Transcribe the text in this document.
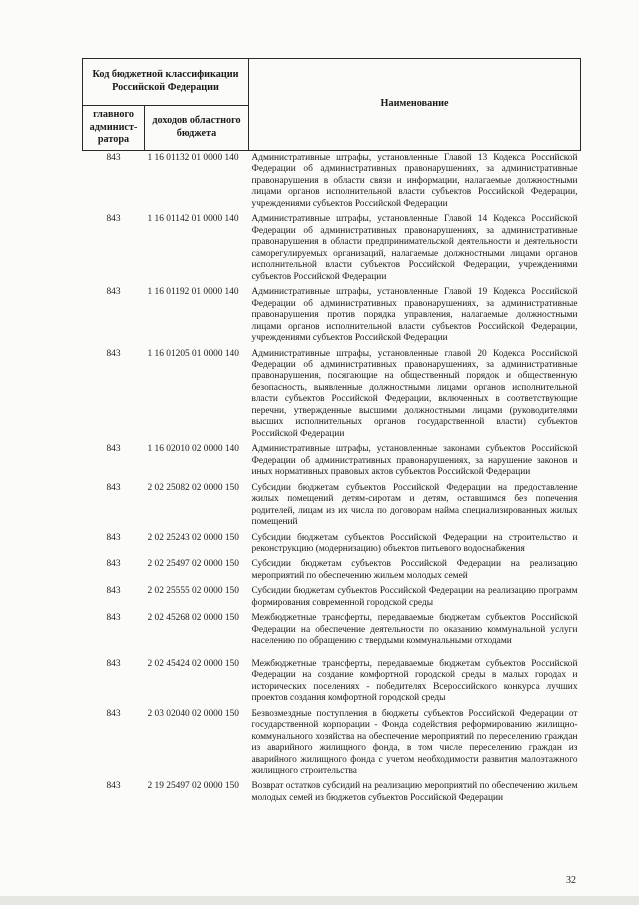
Код бюджетной классификации Российской Федерации		Наименование
главного админист-ратора	доходов областного бюджета	
843	1 16 01132 01 0000 140	Административные штрафы, установленные Главой 13 Кодекса Российской Федерации об административных правонарушениях, за административные правонарушения в области связи и информации, налагаемые должностными лицами органов исполнительной власти субъектов Российской Федерации, учреждениями субъектов Российской Федерации
843	1 16 01142 01 0000 140	Административные штрафы, установленные Главой 14 Кодекса Российской Федерации об административных правонарушениях, за административные правонарушения в области предпринимательской деятельности и деятельности саморегулируемых организаций, налагаемые должностными лицами органов исполнительной власти субъектов Российской Федерации, учреждениями субъектов Российской Федерации
843	1 16 01192 01 0000 140	Административные штрафы, установленные Главой 19 Кодекса Российской Федерации об административных правонарушениях, за административные правонарушения против порядка управления, налагаемые должностными лицами органов исполнительной власти субъектов Российской Федерации, учреждениями субъектов Российской Федерации
843	1 16 01205 01 0000 140	Административные штрафы, установленные главой 20 Кодекса Российской Федерации об административных правонарушениях, за административные правонарушения, посягающие на общественный порядок и общественную безопасность, выявленные должностными лицами органов исполнительной власти субъектов Российской Федерации, включенных в соответствующие перечни, утвержденные высшими должностными лицами (руководителями высших исполнительных органов государственной власти) субъектов Российской Федерации
843	1 16 02010 02 0000 140	Административные штрафы, установленные законами субъектов Российской Федерации об административных правонарушениях, за нарушение законов и иных нормативных правовых актов субъектов Российской Федерации
843	2 02 25082 02 0000 150	Субсидии бюджетам субъектов Российской Федерации на предоставление жилых помещений детям-сиротам и детям, оставшимся без попечения родителей, лицам из их числа по договорам найма специализированных жилых помещений
843	2 02 25243 02 0000 150	Субсидии бюджетам субъектов Российской Федерации на строительство и реконструкцию (модернизацию) объектов питьевого водоснабжения
843	2 02 25497 02 0000 150	Субсидии бюджетам субъектов Российской Федерации на реализацию мероприятий по обеспечению жильем молодых семей
843	2 02 25555 02 0000 150	Субсидии бюджетам субъектов Российской Федерации на реализацию программ формирования современной городской среды
843	2 02 45268 02 0000 150	Межбюджетные трансферты, передаваемые бюджетам субъектов Российской Федерации на обеспечение деятельности по оказанию коммунальной услуги населению по обращению с твердыми коммунальными отходами
843	2 02 45424 02 0000 150	Межбюджетные трансферты, передаваемые бюджетам субъектов Российской Федерации на создание комфортной городской среды в малых городах и исторических поселениях - победителях Всероссийского конкурса лучших проектов создания комфортной городской среды
843	2 03 02040 02 0000 150	Безвозмездные поступления в бюджеты субъектов Российской Федерации от государственной корпорации - Фонда содействия реформированию жилищно-коммунального хозяйства на обеспечение мероприятий по переселению граждан из аварийного жилищного фонда, в том числе переселению граждан из аварийного жилищного фонда с учетом необходимости развития малоэтажного жилищного строительства
843	2 19 25497 02 0000 150	Возврат остатков субсидий на реализацию мероприятий по обеспечению жильем молодых семей из бюджетов субъектов Российской Федерации
32
